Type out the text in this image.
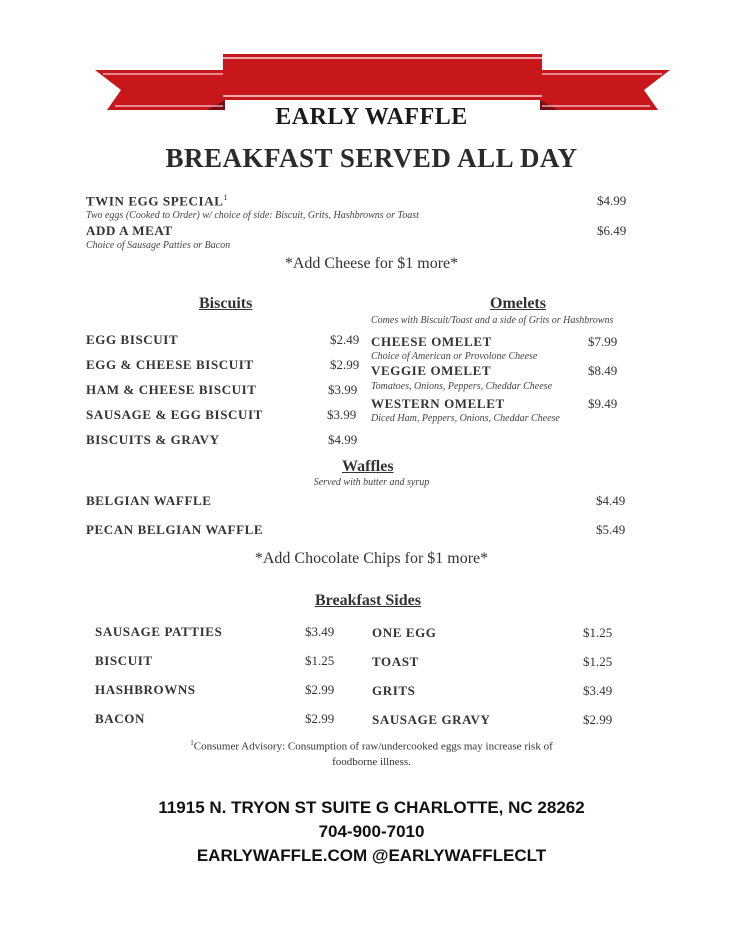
EARLY WAFFLE
BREAKFAST SERVED ALL DAY
TWIN EGG SPECIAL$^1$	$4.99
Two eggs (Cooked to Order) w/ choice of side: Biscuit, Grits, Hashbrowns or Toast
ADD A MEAT	$6.49
Choice of Sausage Patties or Bacon
*Add Cheese for $1 more*
Biscuits
EGG BISCUIT	$2.49
EGG & CHEESE BISCUIT	$2.99
HAM & CHEESE BISCUIT	$3.99
SAUSAGE & EGG BISCUIT	$3.99
BISCUITS & GRAVY	$4.99
Omelets
Comes with Biscuit/Toast and a side of Grits or Hashbrowns
CHEESE OMELET	$7.99
Choice of American or Provolone Cheese
VEGGIE OMELET	$8.49
Tomatoes, Onions, Peppers, Cheddar Cheese
WESTERN OMELET	$9.49
Diced Ham, Peppers, Onions, Cheddar Cheese
Waffles
Served with butter and syrup
BELGIAN WAFFLE	$4.49
PECAN BELGIAN WAFFLE	$5.49
*Add Chocolate Chips for $1 more*
Breakfast Sides
SAUSAGE PATTIES	$3.49
BISCUIT	$1.25
HASHBROWNS	$2.99
BACON	$2.99
ONE EGG	$1.25
TOAST	$1.25
GRITS	$3.49
SAUSAGE GRAVY	$2.99
$^1$Consumer Advisory: Consumption of raw/undercooked eggs may increase risk of
foodborne illness.
11915 N. TRYON ST SUITE G CHARLOTTE, NC 28262
704-900-7010
EARLYWAFFLE.COM @EARLYWAFFLECLT
